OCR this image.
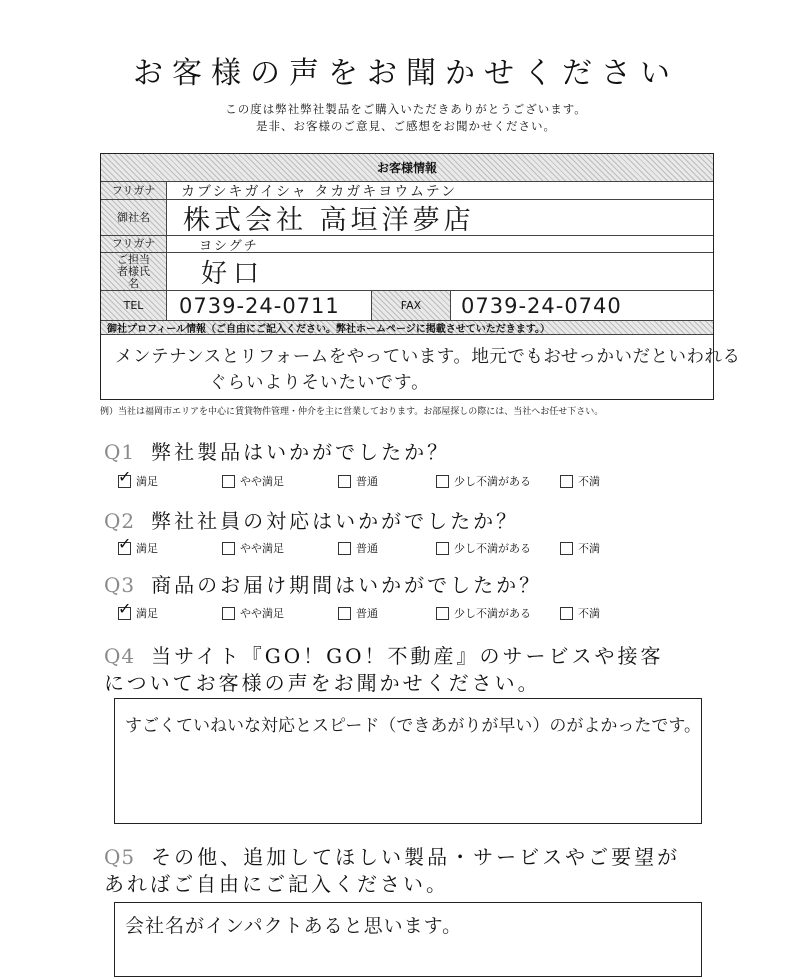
お客様の声をお聞かせください
この度は弊社弊社製品をご購入いただきありがとうございます。
是非、お客様のご意見、ご感想をお聞かせください。
お客様情報
フリガナ	カブシキガイシャ タカガキヨウムテン
御社名	株式会社 高垣洋夢店
フリガナ	ヨシグチ
ご担当者様氏名	好口
TEL	0739-24-0711	FAX	0739-24-0740
御社プロフィール情報（ご自由にご記入ください。弊社ホームページに掲載させていただきます。）
メンテナンスとリフォームをやっています。地元でもおせっかいだといわれる
ぐらいよりそいたいです。
例）当社は福岡市エリアを中心に賃貸物件管理・仲介を主に営業しております。お部屋探しの際には、当社へお任せ下さい。
Q1 弊社製品はいかがでしたか？
✓ 満足	やや満足	普通	少し不満がある	不満
Q2 弊社社員の対応はいかがでしたか？
✓ 満足	やや満足	普通	少し不満がある	不満
Q3 商品のお届け期間はいかがでしたか？
✓ 満足	やや満足	普通	少し不満がある	不満
Q4 当サイト『GO！GO！不動産』のサービスや接客
についてお客様の声をお聞かせください。
すごくていねいな対応とスピード（できあがりが早い）のがよかったです。
Q5 その他、追加してほしい製品・サービスやご要望が
あればご自由にご記入ください。
会社名がインパクトあると思います。
